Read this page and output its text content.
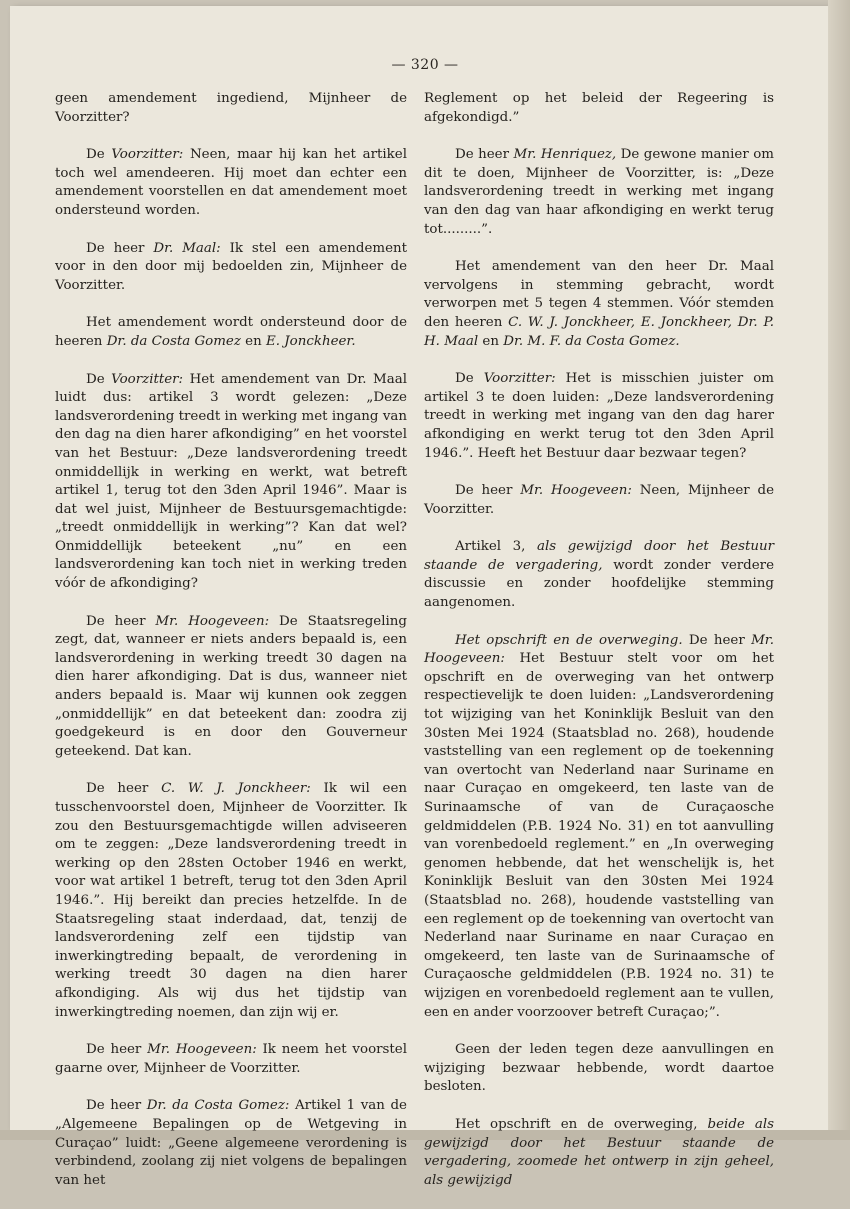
— 320 —

geen amendement ingediend, Mijnheer de Voorzitter?

De Voorzitter: Neen, maar hij kan het artikel toch wel amendeeren. Hij moet dan echter een amendement voorstellen en dat amendement moet ondersteund worden.

De heer Dr. Maal: Ik stel een amendement voor in den door mij bedoelden zin, Mijnheer de Voorzitter.

Het amendement wordt ondersteund door de heeren Dr. da Costa Gomez en E. Jonckheer.

De Voorzitter: Het amendement van Dr. Maal luidt dus: artikel 3 wordt gelezen: „Deze landsverordening treedt in werking met ingang van den dag na dien harer afkondiging” en het voorstel van het Bestuur: „Deze landsverordening treedt onmiddellijk in werking en werkt, wat betreft artikel 1, terug tot den 3den April 1946”. Maar is dat wel juist, Mijnheer de Bestuursgemachtigde: „treedt onmiddellijk in werking”? Kan dat wel? Onmiddellijk beteekent „nu” en een landsverordening kan toch niet in werking treden vóór de afkondiging?

De heer Mr. Hoogeveen: De Staatsregeling zegt, dat, wanneer er niets anders bepaald is, een landsverordening in werking treedt 30 dagen na dien harer afkondiging. Dat is dus, wanneer niet anders bepaald is. Maar wij kunnen ook zeggen „onmiddellijk” en dat beteekent dan: zoodra zij goedgekeurd is en door den Gouverneur geteekend. Dat kan.

De heer C. W. J. Jonckheer: Ik wil een tusschenvoorstel doen, Mijnheer de Voorzitter. Ik zou den Bestuursgemachtigde willen adviseeren om te zeggen: „Deze landsverordening treedt in werking op den 28sten October 1946 en werkt, voor wat artikel 1 betreft, terug tot den 3den April 1946.”. Hij bereikt dan precies hetzelfde. In de Staatsregeling staat inderdaad, dat, tenzij de landsverordening zelf een tijdstip van inwerkingtreding bepaalt, de verordening in werking treedt 30 dagen na dien harer afkondiging. Als wij dus het tijdstip van inwerkingtreding noemen, dan zijn wij er.

De heer Mr. Hoogeveen: Ik neem het voorstel gaarne over, Mijnheer de Voorzitter.

De heer Dr. da Costa Gomez: Artikel 1 van de „Algemeene Bepalingen op de Wetgeving in Curaçao” luidt: „Geene algemeene verordening is verbindend, zoolang zij niet volgens de bepalingen van het

Reglement op het beleid der Regeering is afgekondigd.”

De heer Mr. Henriquez, De gewone manier om dit te doen, Mijnheer de Voorzitter, is: „Deze landsverordening treedt in werking met ingang van den dag van haar afkondiging en werkt terug tot.........”.

Het amendement van den heer Dr. Maal vervolgens in stemming gebracht, wordt verworpen met 5 tegen 4 stemmen. Vóór stemden den heeren C. W. J. Jonckheer, E. Jonckheer, Dr. P. H. Maal en Dr. M. F. da Costa Gomez.

De Voorzitter: Het is misschien juister om artikel 3 te doen luiden: „Deze landsverordening treedt in werking met ingang van den dag harer afkondiging en werkt terug tot den 3den April 1946.”. Heeft het Bestuur daar bezwaar tegen?

De heer Mr. Hoogeveen: Neen, Mijnheer de Voorzitter.

Artikel 3, als gewijzigd door het Bestuur staande de vergadering, wordt zonder verdere discussie en zonder hoofdelijke stemming aangenomen.

Het opschrift en de overweging. De heer Mr. Hoogeveen: Het Bestuur stelt voor om het opschrift en de overweging van het ontwerp respectievelijk te doen luiden: „Landsverordening tot wijziging van het Koninklijk Besluit van den 30sten Mei 1924 (Staatsblad no. 268), houdende vaststelling van een reglement op de toekenning van overtocht van Nederland naar Suriname en naar Curaçao en omgekeerd, ten laste van de Surinaamsche of van de Curaçaosche geldmiddelen (P.B. 1924 No. 31) en tot aanvulling van vorenbedoeld reglement.” en „In overweging genomen hebbende, dat het wenschelijk is, het Koninklijk Besluit van den 30sten Mei 1924 (Staatsblad no. 268), houdende vaststelling van een reglement op de toekenning van overtocht van Nederland naar Suriname en naar Curaçao en omgekeerd, ten laste van de Surinaamsche of Curaçaosche geldmiddelen (P.B. 1924 no. 31) te wijzigen en vorenbedoeld reglement aan te vullen, een en ander voorzoover betreft Curaçao;”.

Geen der leden tegen deze aanvullingen en wijziging bezwaar hebbende, wordt daartoe besloten.

Het opschrift en de overweging, beide als gewijzigd door het Bestuur staande de vergadering, zoomede het ontwerp in zijn geheel, als gewijzigd
